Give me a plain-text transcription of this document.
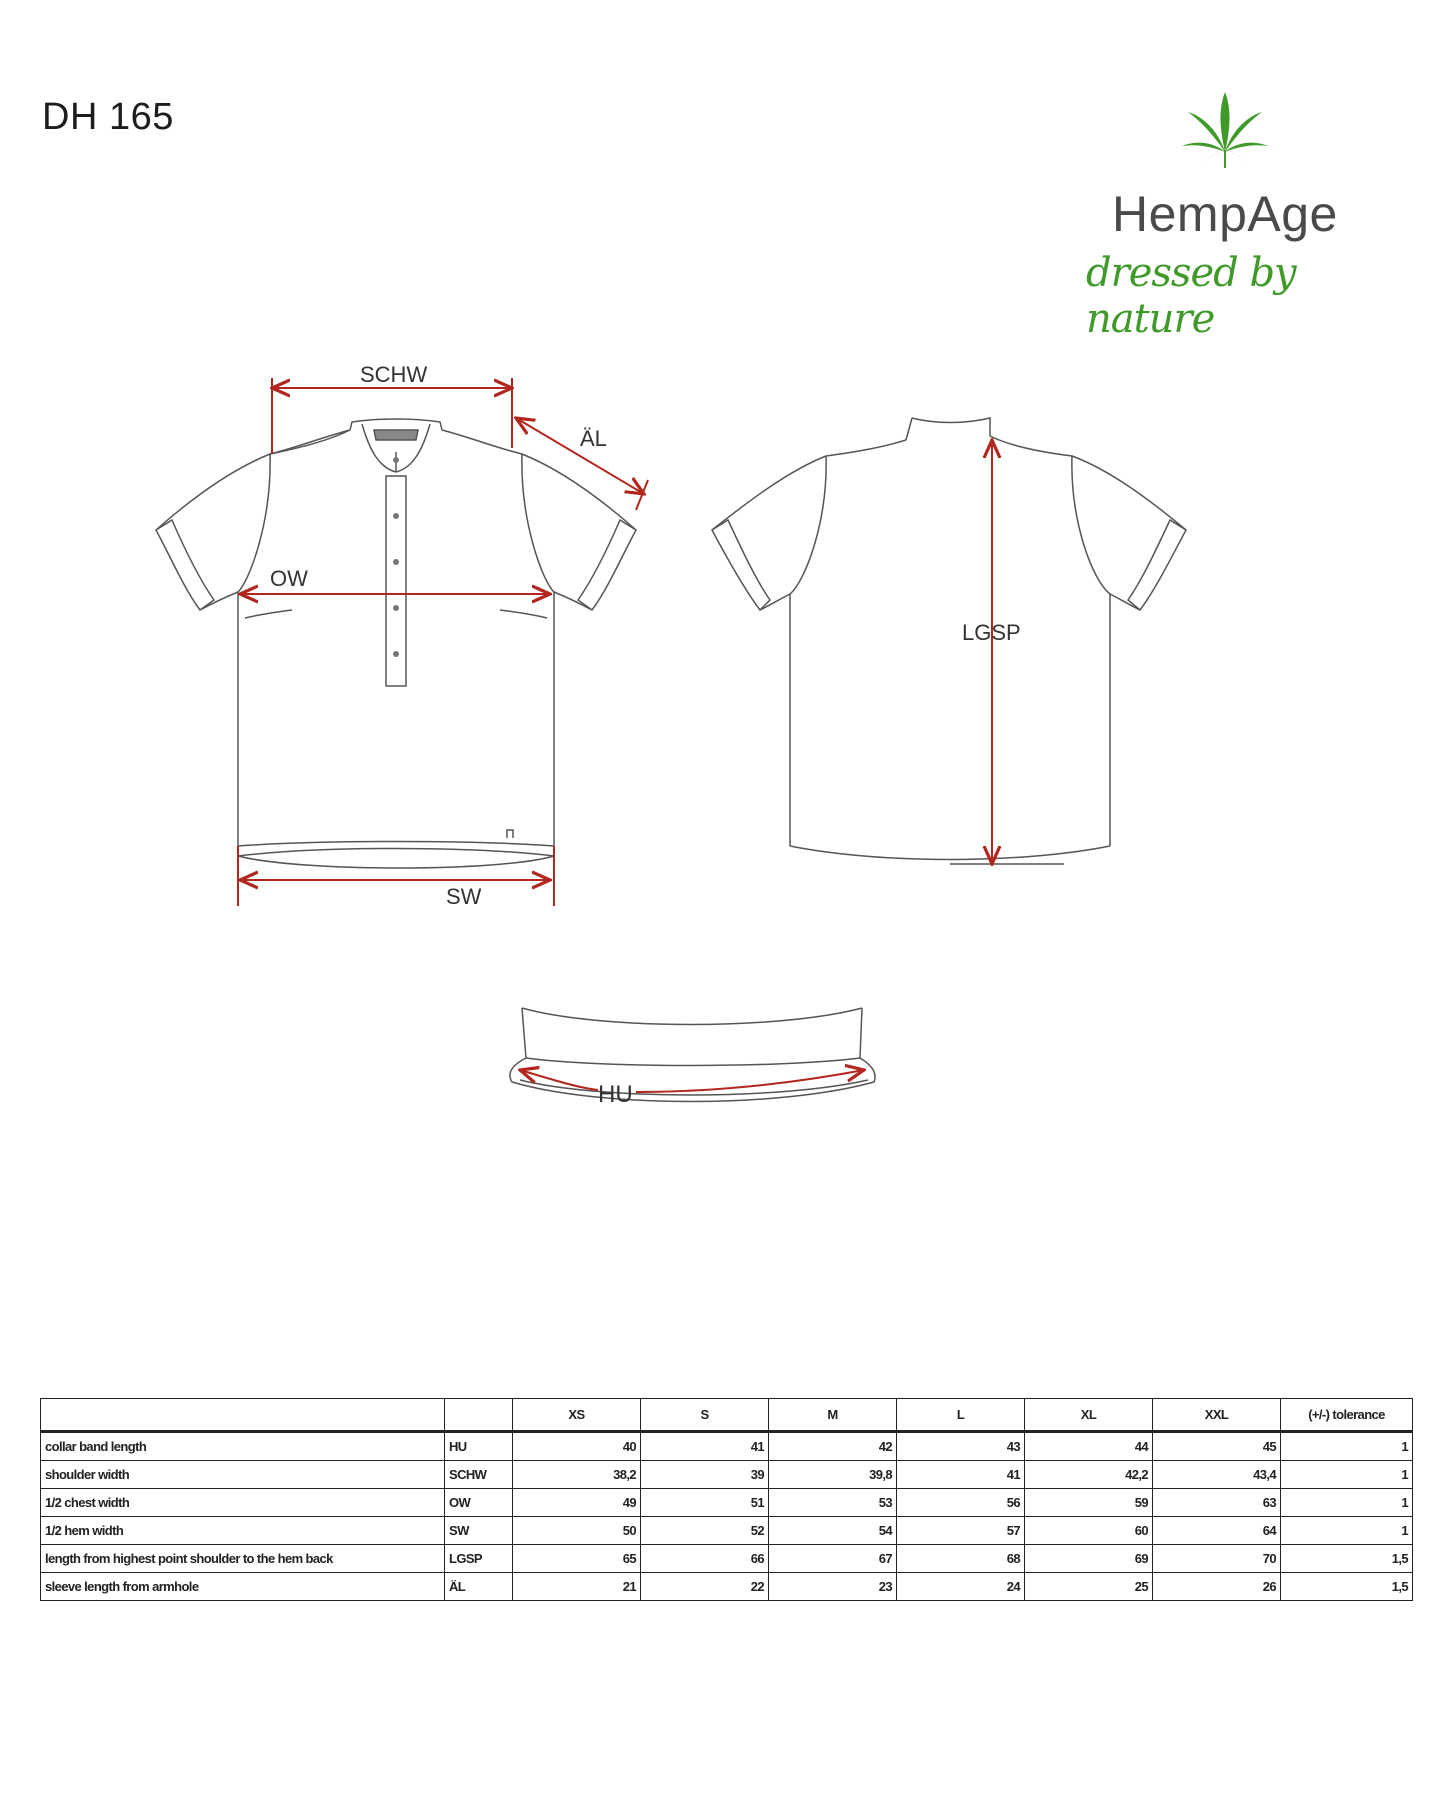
DH 165
HempAge
dressed by nature
SCHW
ÄL
OW
SW
LGSP
HU
		XS	S	M	L	XL	XXL	(+/-) tolerance
collar band length	HU	40	41	42	43	44	45	1
shoulder width	SCHW	38,2	39	39,8	41	42,2	43,4	1
1/2 chest width	OW	49	51	53	56	59	63	1
1/2 hem width	SW	50	52	54	57	60	64	1
length from highest point shoulder to the hem back	LGSP	65	66	67	68	69	70	1,5
sleeve length from armhole	ÄL	21	22	23	24	25	26	1,5
